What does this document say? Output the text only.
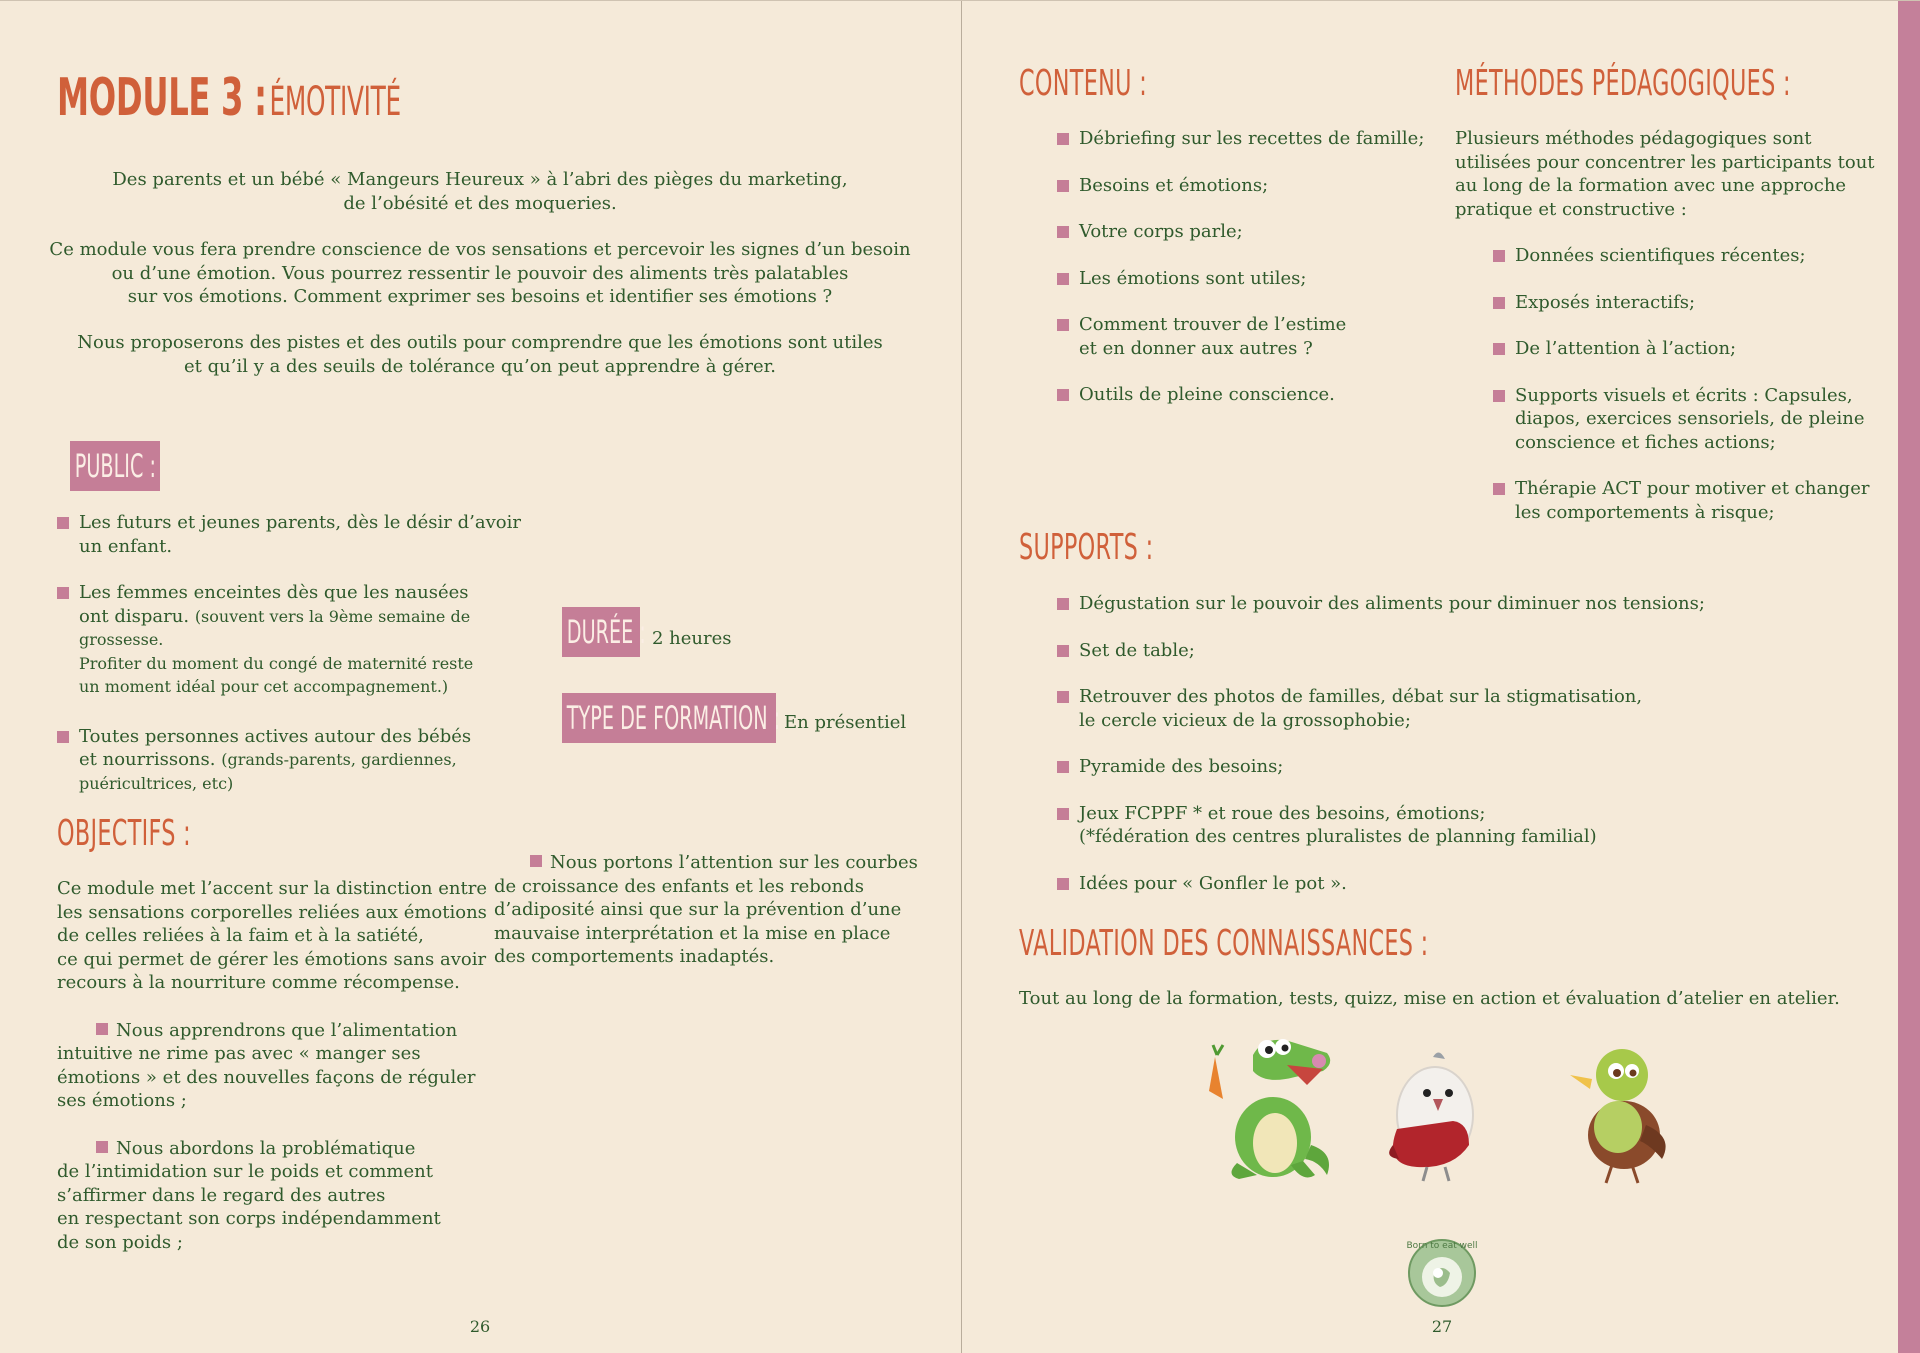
MODULE 3 : ÉMOTIVITÉ
Des parents et un bébé « Mangeurs Heureux » à l’abri des pièges du marketing,
de l’obésité et des moqueries.
Ce module vous fera prendre conscience de vos sensations et percevoir les signes d’un besoin
ou d’une émotion. Vous pourrez ressentir le pouvoir des aliments très palatables
sur vos émotions. Comment exprimer ses besoins et identifier ses émotions ?
Nous proposerons des pistes et des outils pour comprendre que les émotions sont utiles
et qu’il y a des seuils de tolérance qu’on peut apprendre à gérer.
PUBLIC :
Les futurs et jeunes parents, dès le désir d’avoir
un enfant.
Les femmes enceintes dès que les nausées
ont disparu. (souvent vers la 9ème semaine de grossesse.
Profiter du moment du congé de maternité reste
un moment idéal pour cet accompagnement.)
Toutes personnes actives autour des bébés
et nourrissons. (grands-parents, gardiennes,
puéricultrices, etc)
DURÉE : 2 heures
TYPE DE FORMATION : En présentiel
OBJECTIFS :
Ce module met l’accent sur la distinction entre
les sensations corporelles reliées aux émotions
de celles reliées à la faim et à la satiété,
ce qui permet de gérer les émotions sans avoir
recours à la nourriture comme récompense.
Nous apprendrons que l’alimentation
intuitive ne rime pas avec « manger ses
émotions » et des nouvelles façons de réguler
ses émotions ;
Nous abordons la problématique
de l’intimidation sur le poids et comment
s’affirmer dans le regard des autres
en respectant son corps indépendamment
de son poids ;
Nous portons l’attention sur les courbes
de croissance des enfants et les rebonds
d’adiposité ainsi que sur la prévention d’une
mauvaise interprétation et la mise en place
des comportements inadaptés.
26
CONTENU :
Débriefing sur les recettes de famille;
Besoins et émotions;
Votre corps parle;
Les émotions sont utiles;
Comment trouver de l’estime
et en donner aux autres ?
Outils de pleine conscience.
MÉTHODES PÉDAGOGIQUES :
Plusieurs méthodes pédagogiques sont
utilisées pour concentrer les participants tout
au long de la formation avec une approche
pratique et constructive :
Données scientifiques récentes;
Exposés interactifs;
De l’attention à l’action;
Supports visuels et écrits : Capsules,
diapos, exercices sensoriels, de pleine
conscience et fiches actions;
Thérapie ACT pour motiver et changer
les comportements à risque;
SUPPORTS :
Dégustation sur le pouvoir des aliments pour diminuer nos tensions;
Set de table;
Retrouver des photos de familles, débat sur la stigmatisation,
le cercle vicieux de la grossophobie;
Pyramide des besoins;
Jeux FCPPF * et roue des besoins, émotions;
(*fédération des centres pluralistes de planning familial)
Idées pour « Gonfler le pot ».
VALIDATION DES CONNAISSANCES :
Tout au long de la formation, tests, quizz, mise en action et évaluation d’atelier en atelier.
Born to eat well
27
